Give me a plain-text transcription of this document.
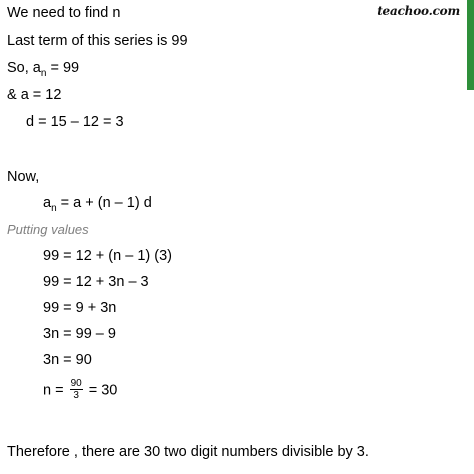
teachoo.com
We need to find n
Last term of this series is 99
So, $a_n = 99$
& a = 12
d = 15 – 12 = 3
Now,
$a_n = a + (n - 1)$ d
Putting values
99 = 12 + (n – 1) (3)
99 = 12 + 3n – 3
99 = 9 + 3n
3n = 99 – 9
3n = 90
$n = \frac{90}{3} = 30$
Therefore , there are 30 two digit numbers divisible by 3.
